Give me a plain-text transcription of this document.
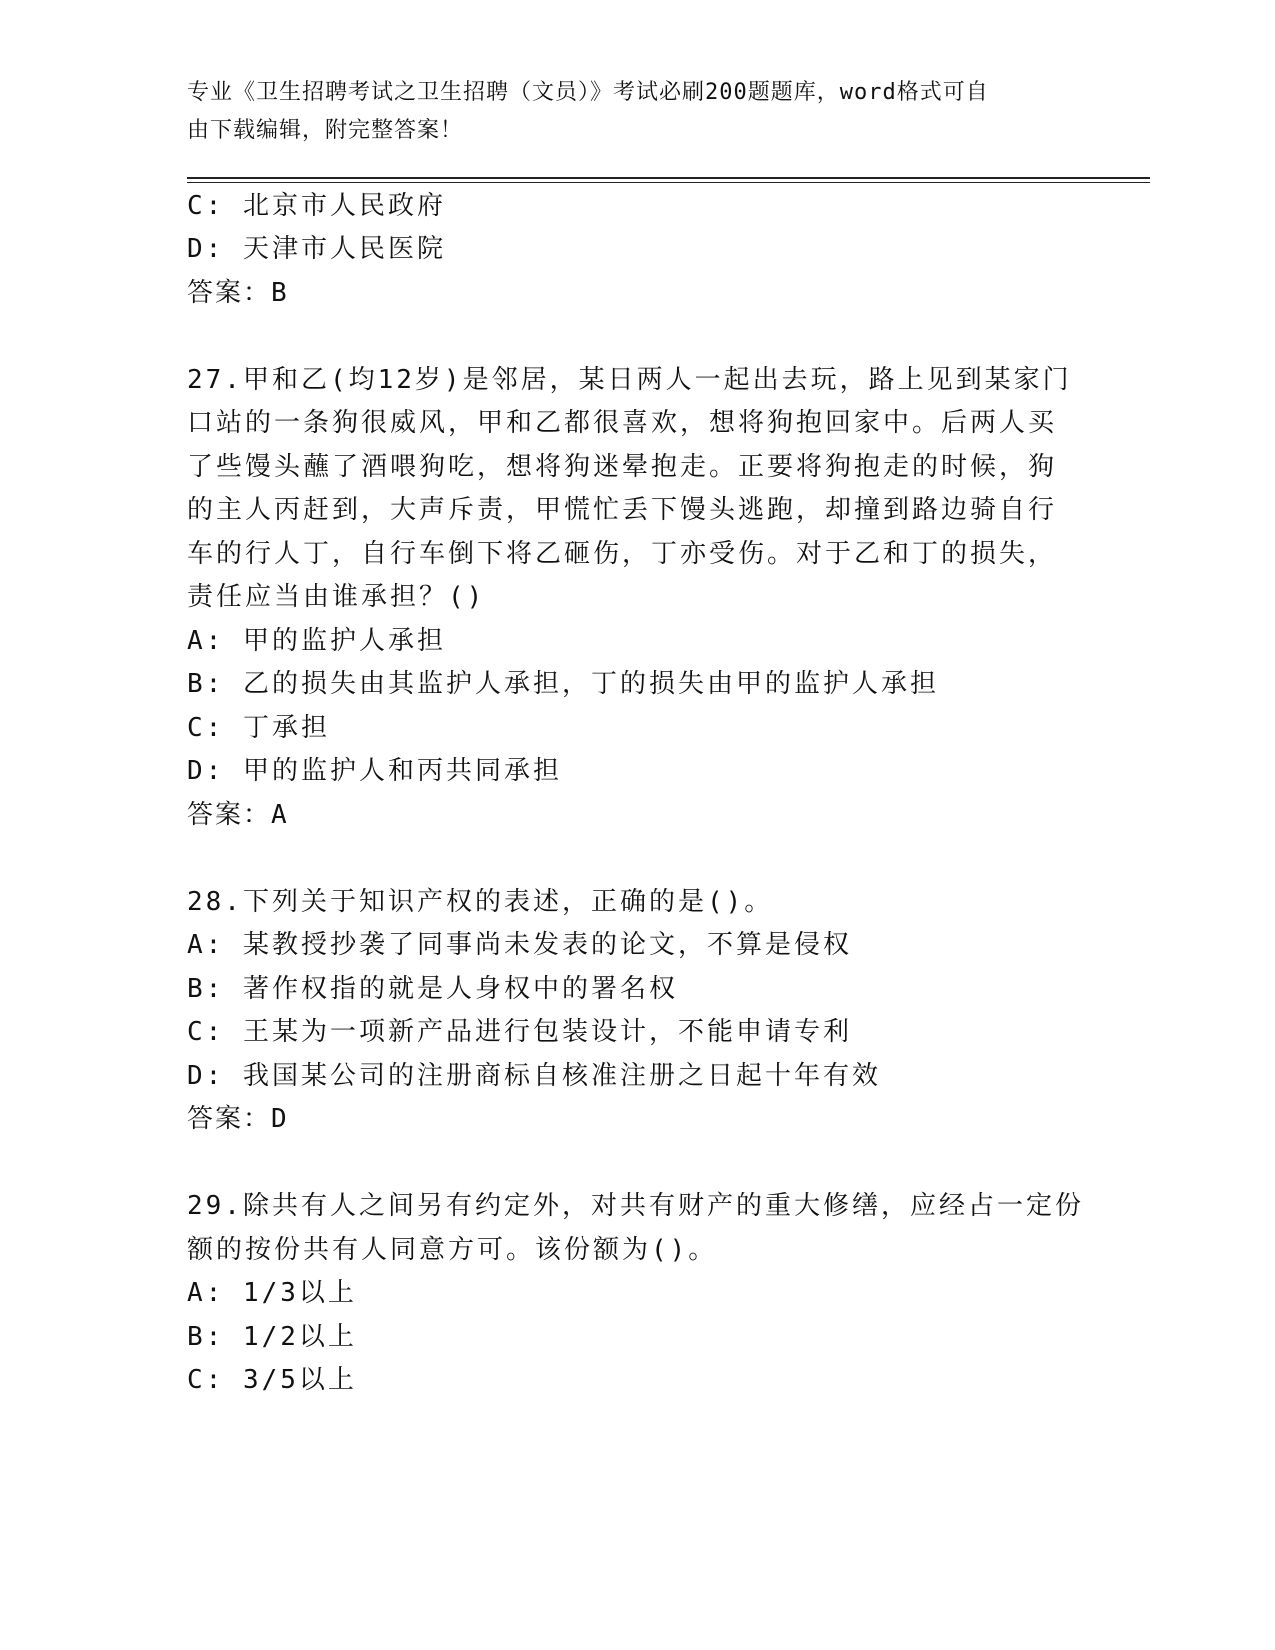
专业《卫生招聘考试之卫生招聘（文员）》考试必刷200题题库，word格式可自
由下载编辑，附完整答案！
C: 北京市人民政府
D: 天津市人民医院
答案：B
27.甲和乙(均12岁)是邻居，某日两人一起出去玩，路上见到某家门
口站的一条狗很威风，甲和乙都很喜欢，想将狗抱回家中。后两人买
了些馒头蘸了酒喂狗吃，想将狗迷晕抱走。正要将狗抱走的时候，狗
的主人丙赶到，大声斥责，甲慌忙丢下馒头逃跑，却撞到路边骑自行
车的行人丁，自行车倒下将乙砸伤，丁亦受伤。对于乙和丁的损失，
责任应当由谁承担？()
A: 甲的监护人承担
B: 乙的损失由其监护人承担，丁的损失由甲的监护人承担
C: 丁承担
D: 甲的监护人和丙共同承担
答案：A
28.下列关于知识产权的表述，正确的是()。
A: 某教授抄袭了同事尚未发表的论文，不算是侵权
B: 著作权指的就是人身权中的署名权
C: 王某为一项新产品进行包装设计，不能申请专利
D: 我国某公司的注册商标自核准注册之日起十年有效
答案：D
29.除共有人之间另有约定外，对共有财产的重大修缮，应经占一定份
额的按份共有人同意方可。该份额为()。
A: 1/3以上
B: 1/2以上
C: 3/5以上
